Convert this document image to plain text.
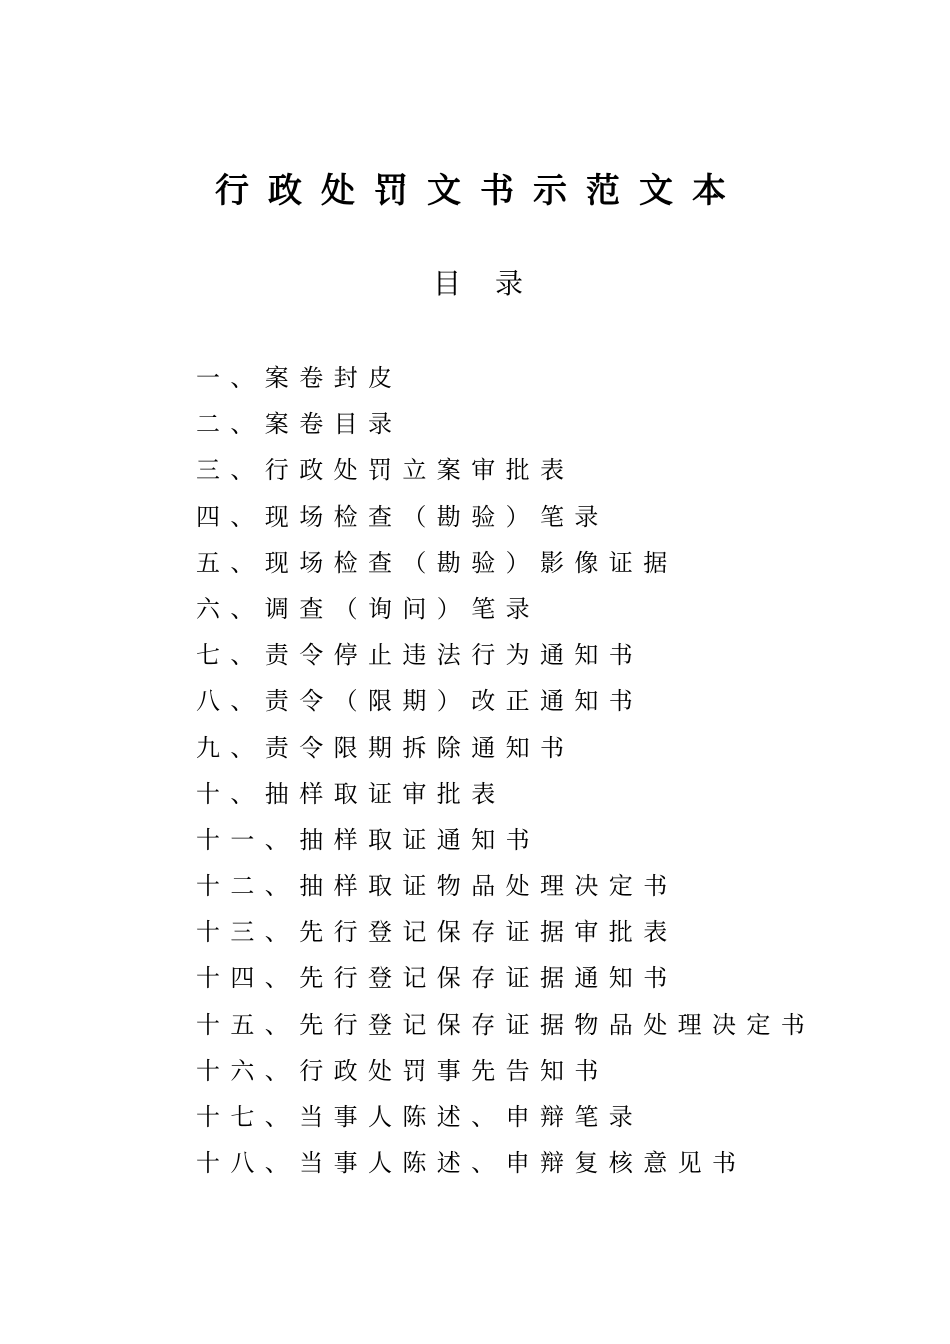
行政处罚文书示范文本
目录
一、案卷封皮
二、案卷目录
三、行政处罚立案审批表
四、现场检查（勘验）笔录
五、现场检查（勘验）影像证据
六、调查（询问）笔录
七、责令停止违法行为通知书
八、责令（限期）改正通知书
九、责令限期拆除通知书
十、抽样取证审批表
十一、抽样取证通知书
十二、抽样取证物品处理决定书
十三、先行登记保存证据审批表
十四、先行登记保存证据通知书
十五、先行登记保存证据物品处理决定书
十六、行政处罚事先告知书
十七、当事人陈述、申辩笔录
十八、当事人陈述、申辩复核意见书
